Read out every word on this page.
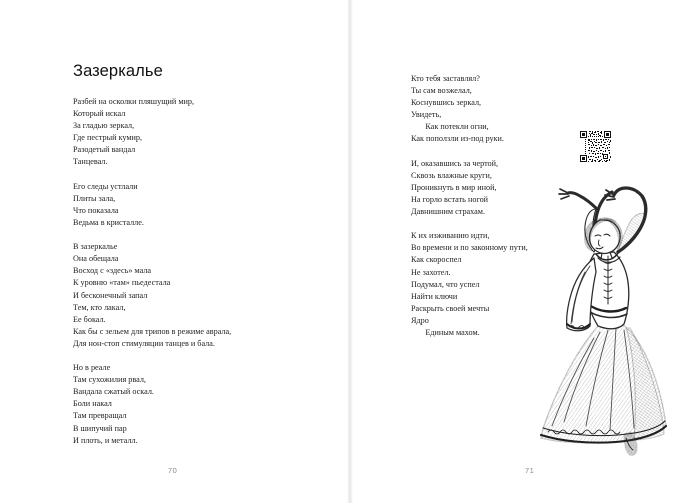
Зазеркалье

Разбей на осколки пляшущий мир,
Который искал
За гладью зеркал,
Где пестрый кумир,
Разодетый вандал
Танцевал.

Его следы устлали
Плиты зала,
Что показала
Ведьма в кристалле.

В зазеркалье
Она обещала
Восход с «здесь» мала
К уровню «там» пьедестала
И бесконечный запал
Тем, кто лакал,
Ее бокал.
Как бы с зельем для трипов в режиме аврала,
Для нон-стоп стимуляции танцев и бала.

Но в реале
Там сухожилия рвал,
Вандала сжатый оскал.
Боли накал
Там превращал
В шипучий пар
И плоть, и металл.

70

Кто тебя заставлял?
Ты сам возжелал,
Коснувшись зеркал,
Увидеть,
Как потекли огни,
Как поползли из-под руки.

И, оказавшись за чертой,
Сквозь влажные круги,
Проникнуть в мир иной,
На горло встать ногой
Давнишним страхам.

К их изживанию идти,
Во времени и по законному пути,
Как скороспел
Не захотел.
Подумал, что успел
Найти ключи
Раскрыть своей мечты
Ядро
Единым махом.

71
